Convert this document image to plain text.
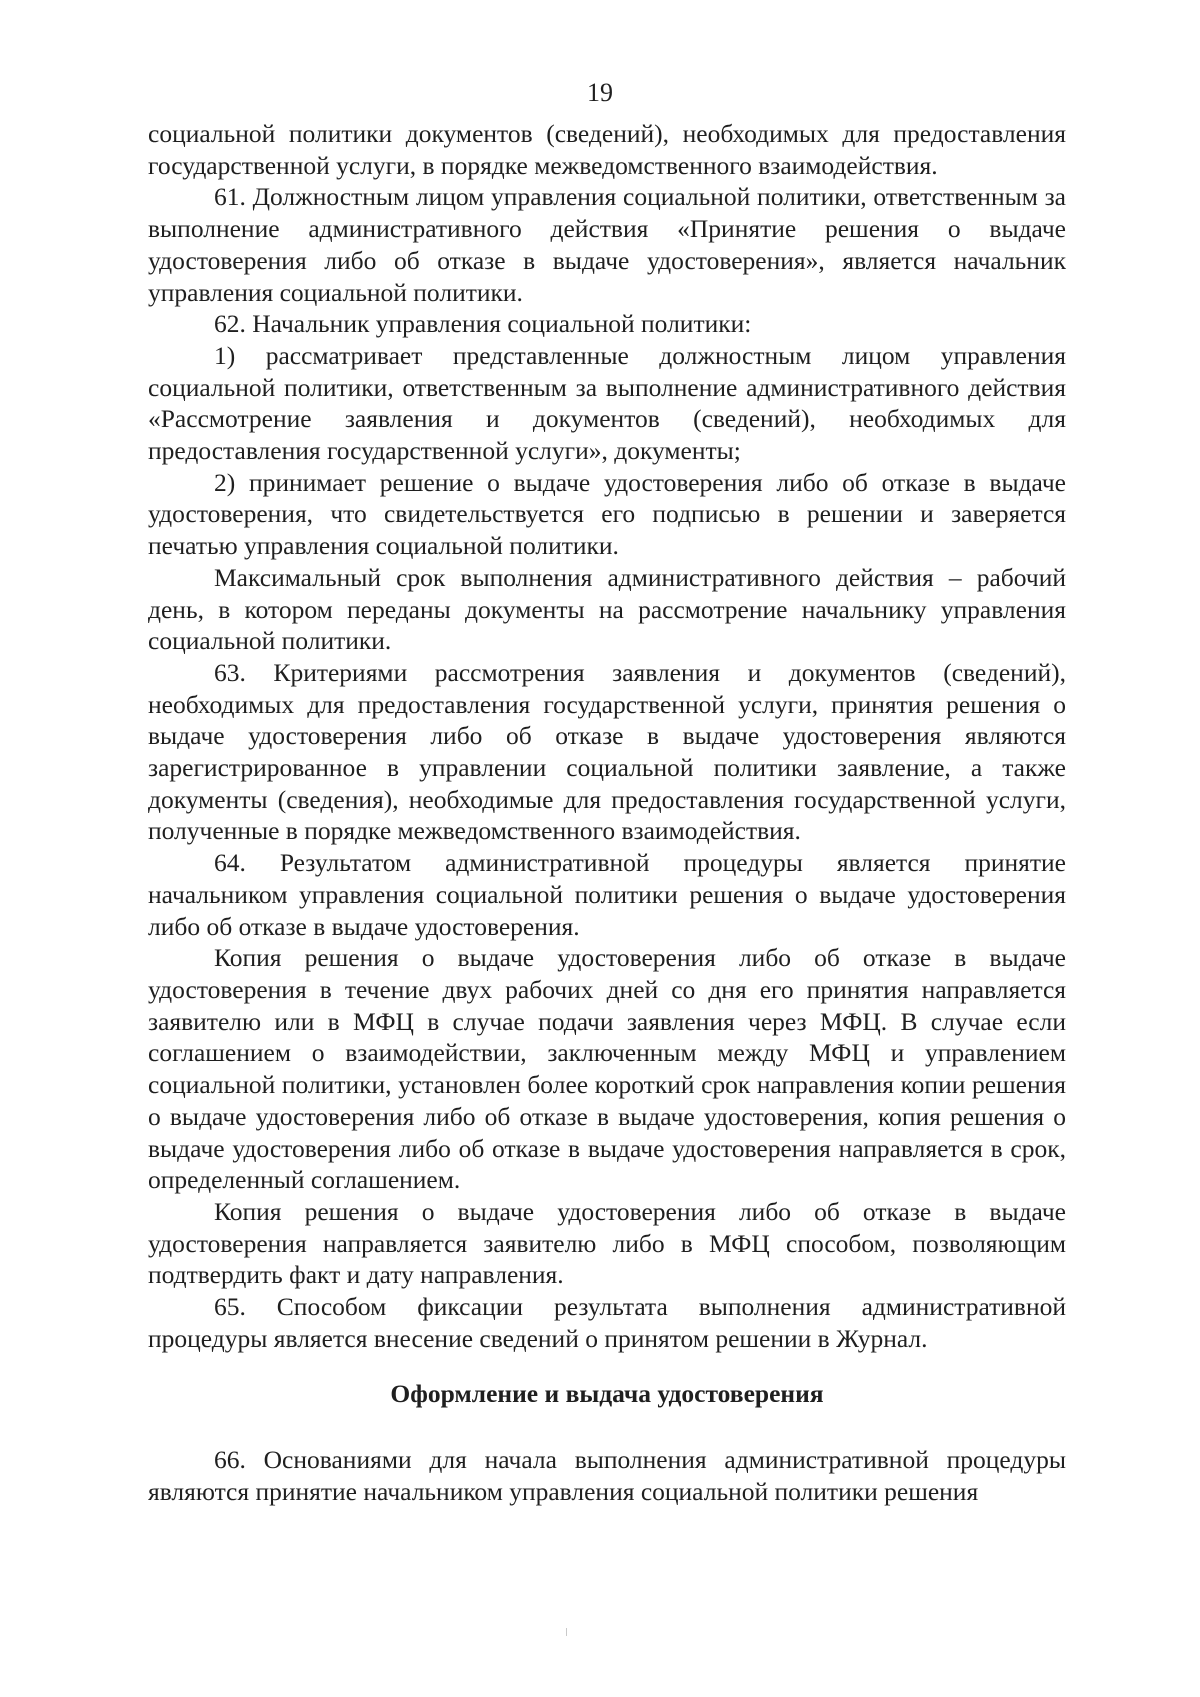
19

социальной политики документов (сведений), необходимых для предоставления государственной услуги, в порядке межведомственного взаимодействия.

61. Должностным лицом управления социальной политики, ответственным за выполнение административного действия «Принятие решения о выдаче удостоверения либо об отказе в выдаче удостоверения», является начальник управления социальной политики.

62. Начальник управления социальной политики:

1) рассматривает представленные должностным лицом управления социальной политики, ответственным за выполнение административного действия «Рассмотрение заявления и документов (сведений), необходимых для предоставления государственной услуги», документы;

2) принимает решение о выдаче удостоверения либо об отказе в выдаче удостоверения, что свидетельствуется его подписью в решении и заверяется печатью управления социальной политики.

Максимальный срок выполнения административного действия – рабочий день, в котором переданы документы на рассмотрение начальнику управления социальной политики.

63. Критериями рассмотрения заявления и документов (сведений), необходимых для предоставления государственной услуги, принятия решения о выдаче удостоверения либо об отказе в выдаче удостоверения являются зарегистрированное в управлении социальной политики заявление, а также документы (сведения), необходимые для предоставления государственной услуги, полученные в порядке межведомственного взаимодействия.

64. Результатом административной процедуры является принятие начальником управления социальной политики решения о выдаче удостоверения либо об отказе в выдаче удостоверения.

Копия решения о выдаче удостоверения либо об отказе в выдаче удостоверения в течение двух рабочих дней со дня его принятия направляется заявителю или в МФЦ в случае подачи заявления через МФЦ. В случае если соглашением о взаимодействии, заключенным между МФЦ и управлением социальной политики, установлен более короткий срок направления копии решения о выдаче удостоверения либо об отказе в выдаче удостоверения, копия решения о выдаче удостоверения либо об отказе в выдаче удостоверения направляется в срок, определенный соглашением.

Копия решения о выдаче удостоверения либо об отказе в выдаче удостоверения направляется заявителю либо в МФЦ способом, позволяющим подтвердить факт и дату направления.

65. Способом фиксации результата выполнения административной процедуры является внесение сведений о принятом решении в Журнал.

Оформление и выдача удостоверения

66. Основаниями для начала выполнения административной процедуры являются принятие начальником управления социальной политики решения
